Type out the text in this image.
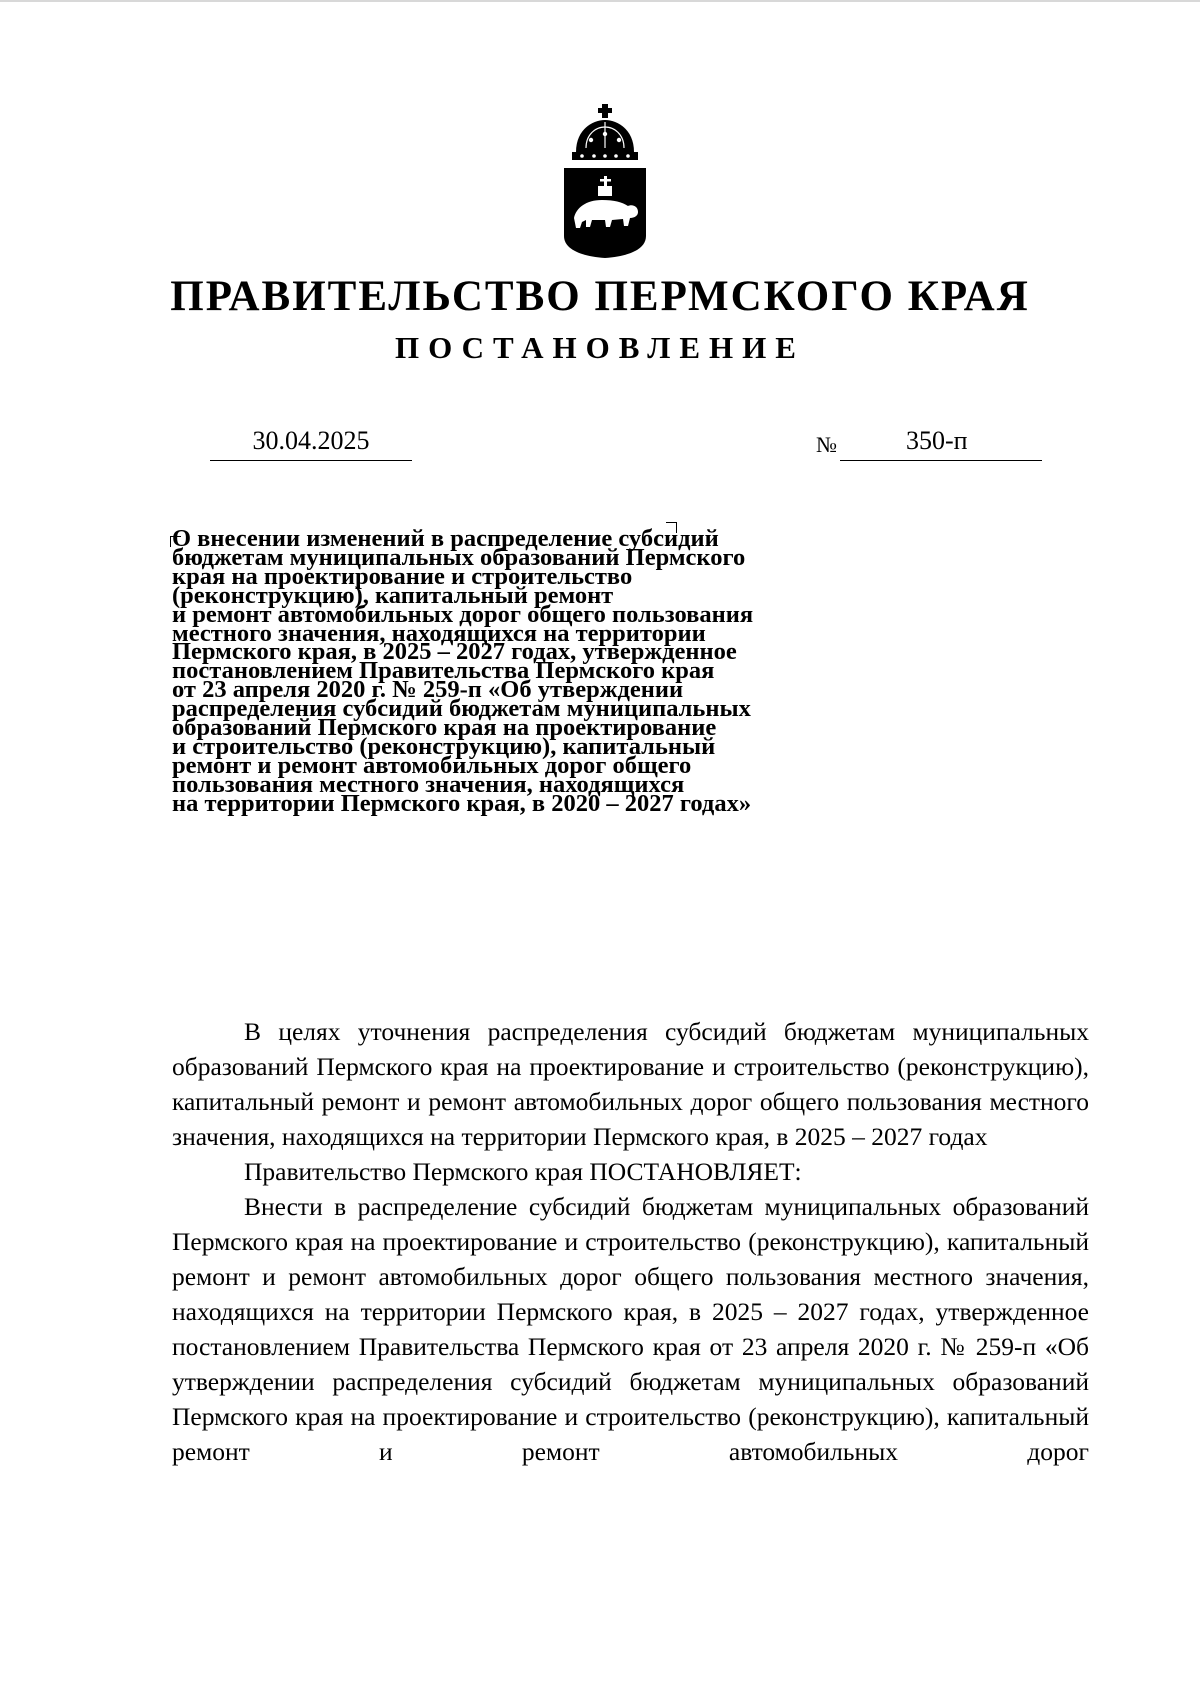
ПРАВИТЕЛЬСТВО ПЕРМСКОГО КРАЯ
ПОСТАНОВЛЕНИЕ
30.04.2025	№	350-п
О внесении изменений в распределение субсидий
бюджетам муниципальных образований Пермского
края на проектирование и строительство
(реконструкцию), капитальный ремонт
и ремонт автомобильных дорог общего пользования
местного значения, находящихся на территории
Пермского края, в 2025 – 2027 годах, утвержденное
постановлением Правительства Пермского края
от 23 апреля 2020 г. № 259-п «Об утверждении
распределения субсидий бюджетам муниципальных
образований Пермского края на проектирование
и строительство (реконструкцию), капитальный
ремонт и ремонт автомобильных дорог общего
пользования местного значения, находящихся
на территории Пермского края, в 2020 – 2027 годах»

В целях уточнения распределения субсидий бюджетам муниципальных образований Пермского края на проектирование и строительство (реконструкцию), капитальный ремонт и ремонт автомобильных дорог общего пользования местного значения, находящихся на территории Пермского края, в 2025 – 2027 годах

Правительство Пермского края ПОСТАНОВЛЯЕТ:

Внести в распределение субсидий бюджетам муниципальных образований Пермского края на проектирование и строительство (реконструкцию), капитальный ремонт и ремонт автомобильных дорог общего пользования местного значения, находящихся на территории Пермского края, в 2025 – 2027 годах, утвержденное постановлением Правительства Пермского края от 23 апреля 2020 г. № 259-п «Об утверждении распределения субсидий бюджетам муниципальных образований Пермского края на проектирование и строительство (реконструкцию), капитальный ремонт и ремонт автомобильных дорог
